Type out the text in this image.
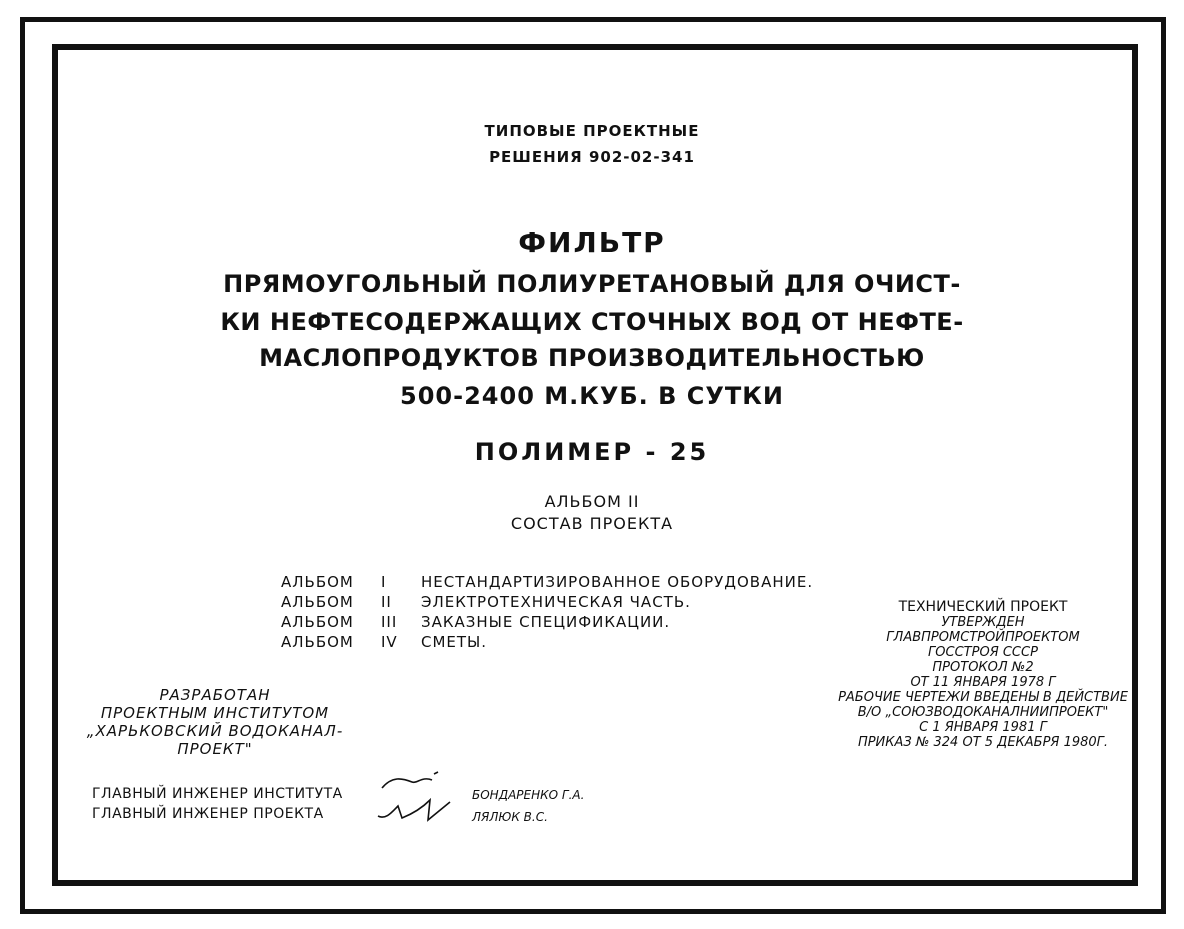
ТИПОВЫЕ ПРОЕКТНЫЕ
РЕШЕНИЯ 902-02-341
ФИЛЬТР
ПРЯМОУГОЛЬНЫЙ ПОЛИУРЕТАНОВЫЙ ДЛЯ ОЧИСТ-
КИ НЕФТЕСОДЕРЖАЩИХ СТОЧНЫХ ВОД ОТ НЕФТЕ-
МАСЛОПРОДУКТОВ ПРОИЗВОДИТЕЛЬНОСТЬЮ
500-2400 М.КУБ. В СУТКИ
ПОЛИМЕР - 25
АЛЬБОМ II
СОСТАВ ПРОЕКТА
АЛЬБОМ	I	НЕСТАНДАРТИЗИРОВАННОЕ ОБОРУДОВАНИЕ.
АЛЬБОМ	II	ЭЛЕКТРОТЕХНИЧЕСКАЯ ЧАСТЬ.
АЛЬБОМ	III	ЗАКАЗНЫЕ СПЕЦИФИКАЦИИ.
АЛЬБОМ	IV	СМЕТЫ.
ТЕХНИЧЕСКИЙ ПРОЕКТ
УТВЕРЖДЕН
ГЛАВПРОМСТРОЙПРОЕКТОМ
ГОССТРОЯ СССР
ПРОТОКОЛ №2
ОТ 11 ЯНВАРЯ 1978 Г
РАБОЧИЕ ЧЕРТЕЖИ ВВЕДЕНЫ В ДЕЙСТВИЕ
В/О „СОЮЗВОДОКАНАЛНИИПРОЕКТ"
С 1 ЯНВАРЯ 1981 Г
ПРИКАЗ № 324 ОТ 5 ДЕКАБРЯ 1980Г.
РАЗРАБОТАН
ПРОЕКТНЫМ ИНСТИТУТОМ
„ХАРЬКОВСКИЙ ВОДОКАНАЛ-
ПРОЕКТ"
ГЛАВНЫЙ ИНЖЕНЕР ИНСТИТУТА
ГЛАВНЫЙ ИНЖЕНЕР ПРОЕКТА
БОНДАРЕНКО Г.А.
ЛЯЛЮК В.С.
